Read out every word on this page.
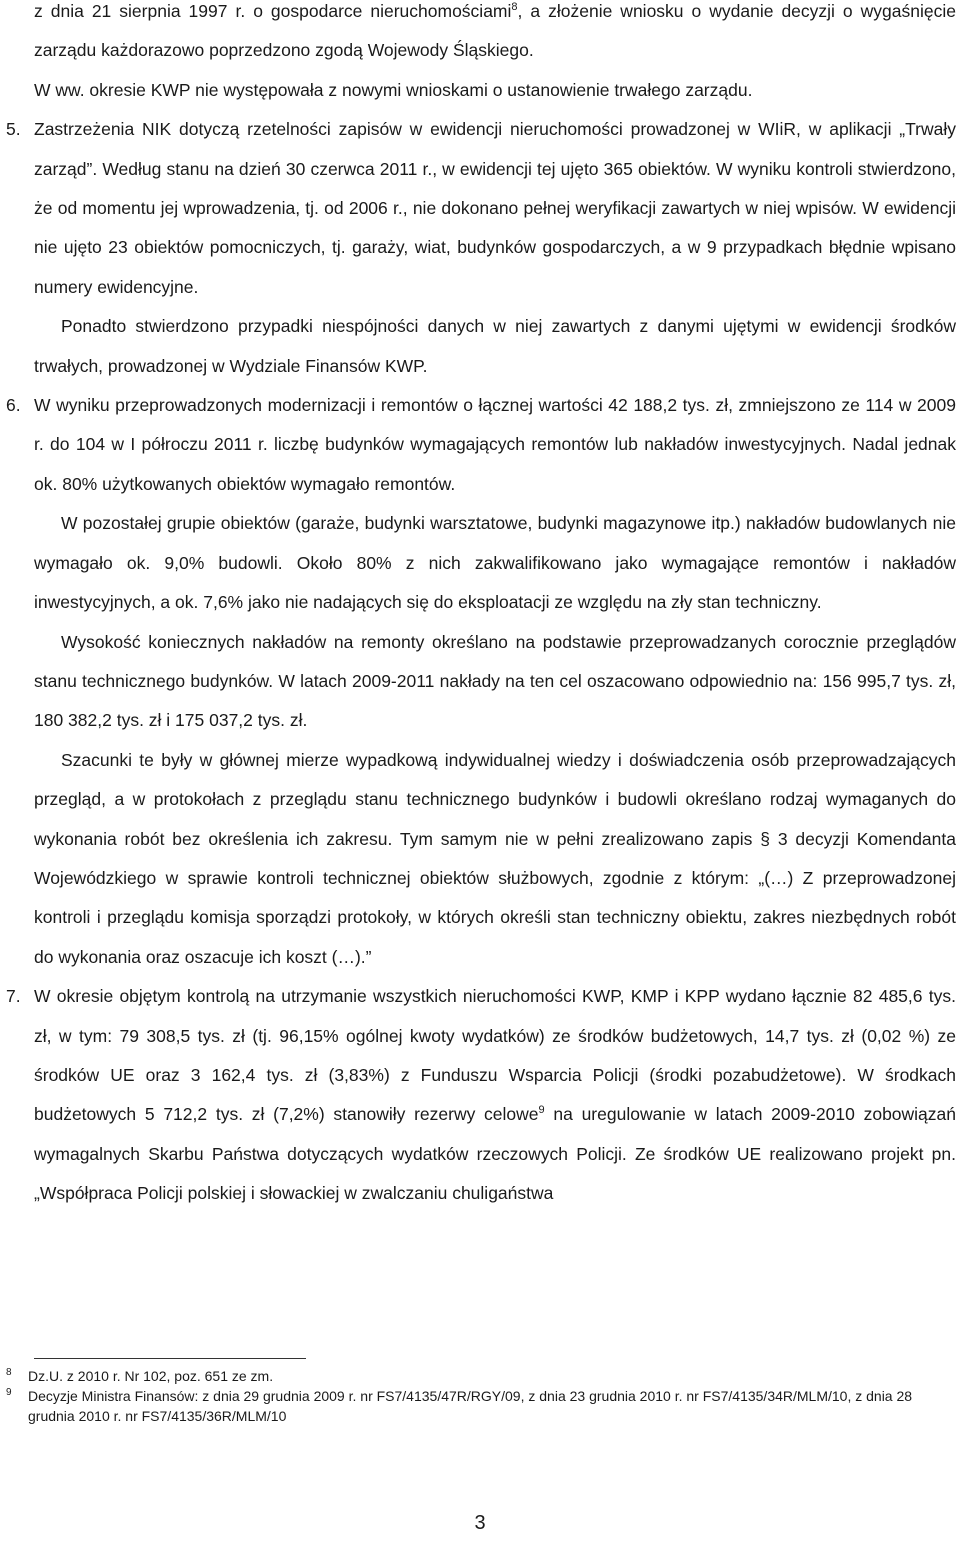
z dnia 21 sierpnia 1997 r. o gospodarce nieruchomościami$^8$, a złożenie wniosku o wydanie decyzji o wygaśnięcie zarządu każdorazowo poprzedzono zgodą Wojewody Śląskiego.

W ww. okresie KWP nie występowała z nowymi wnioskami o ustanowienie trwałego zarządu.

5. Zastrzeżenia NIK dotyczą rzetelności zapisów w ewidencji nieruchomości prowadzonej w WIiR, w aplikacji „Trwały zarząd”. Według stanu na dzień 30 czerwca 2011 r., w ewidencji tej ujęto 365 obiektów. W wyniku kontroli stwierdzono, że od momentu jej wprowadzenia, tj. od 2006 r., nie dokonano pełnej weryfikacji zawartych w niej wpisów. W ewidencji nie ujęto 23 obiektów pomocniczych, tj. garaży, wiat, budynków gospodarczych, a w 9 przypadkach błędnie wpisano numery ewidencyjne.

Ponadto stwierdzono przypadki niespójności danych w niej zawartych z danymi ujętymi w ewidencji środków trwałych, prowadzonej w Wydziale Finansów KWP.

6. W wyniku przeprowadzonych modernizacji i remontów o łącznej wartości 42 188,2 tys. zł, zmniejszono ze 114 w 2009 r. do 104 w I półroczu 2011 r. liczbę budynków wymagających remontów lub nakładów inwestycyjnych. Nadal jednak ok. 80% użytkowanych obiektów wymagało remontów.

W pozostałej grupie obiektów (garaże, budynki warsztatowe, budynki magazynowe itp.) nakładów budowlanych nie wymagało ok. 9,0% budowli. Około 80% z nich zakwalifikowano jako wymagające remontów i nakładów inwestycyjnych, a ok. 7,6% jako nie nadających się do eksploatacji ze względu na zły stan techniczny.

Wysokość koniecznych nakładów na remonty określano na podstawie przeprowadzanych corocznie przeglądów stanu technicznego budynków. W latach 2009-2011 nakłady na ten cel oszacowano odpowiednio na: 156 995,7 tys. zł, 180 382,2 tys. zł i 175 037,2 tys. zł.

Szacunki te były w głównej mierze wypadkową indywidualnej wiedzy i doświadczenia osób przeprowadzających przegląd, a w protokołach z przeglądu stanu technicznego budynków i budowli określano rodzaj wymaganych do wykonania robót bez określenia ich zakresu. Tym samym nie w pełni zrealizowano zapis § 3 decyzji Komendanta Wojewódzkiego w sprawie kontroli technicznej obiektów służbowych, zgodnie z którym: „(…) Z przeprowadzonej kontroli i przeglądu komisja sporządzi protokoły, w których określi stan techniczny obiektu, zakres niezbędnych robót do wykonania oraz oszacuje ich koszt (…).”

7. W okresie objętym kontrolą na utrzymanie wszystkich nieruchomości KWP, KMP i KPP wydano łącznie 82 485,6 tys. zł, w tym: 79 308,5 tys. zł (tj. 96,15% ogólnej kwoty wydatków) ze środków budżetowych, 14,7 tys. zł (0,02 %) ze środków UE oraz 3 162,4 tys. zł (3,83%) z Funduszu Wsparcia Policji (środki pozabudżetowe). W środkach budżetowych 5 712,2 tys. zł (7,2%) stanowiły rezerwy celowe$^9$ na uregulowanie w latach 2009-2010 zobowiązań wymagalnych Skarbu Państwa dotyczących wydatków rzeczowych Policji. Ze środków UE realizowano projekt pn. „Współpraca Policji polskiej i słowackiej w zwalczaniu chuligaństwa

8 Dz.U. z 2010 r. Nr 102, poz. 651 ze zm.
9 Decyzje Ministra Finansów: z dnia 29 grudnia 2009 r. nr FS7/4135/47R/RGY/09, z dnia 23 grudnia 2010 r. nr FS7/4135/34R/MLM/10, z dnia 28 grudnia 2010 r. nr FS7/4135/36R/MLM/10
3
